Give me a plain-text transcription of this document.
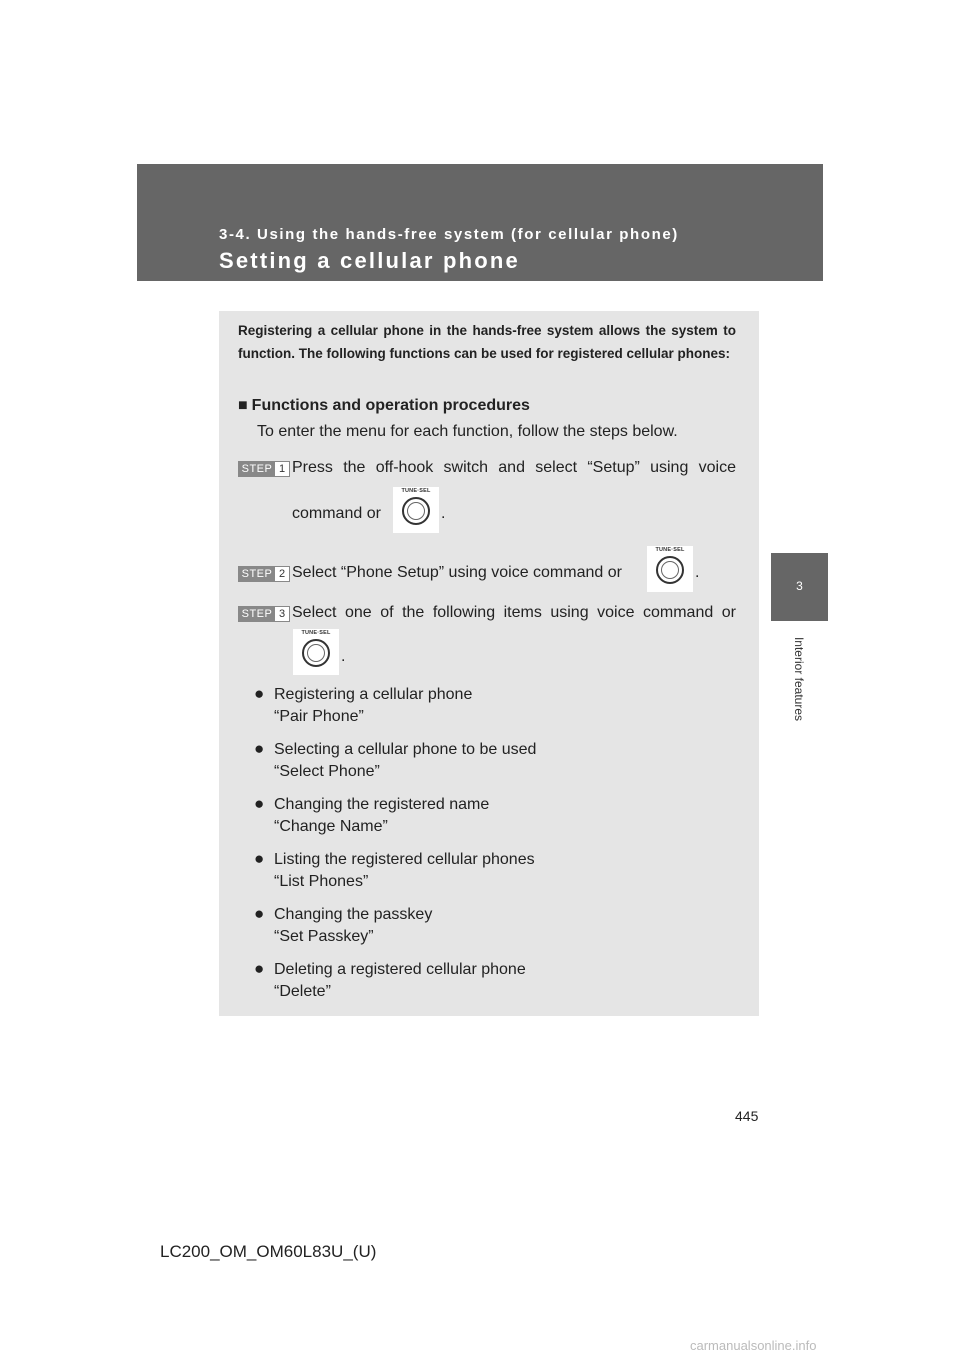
3-4. Using the hands-free system (for cellular phone)
Setting a cellular phone
3
Interior features
Registering a cellular phone in the hands-free system allows the system to function. The following functions can be used for registered cellular phones:
■ Functions and operation procedures
To enter the menu for each function, follow the steps below.
STEP 1 Press the off-hook switch and select “Setup” using voice
command or
TUNE·SEL
.
STEP 2 Select “Phone Setup” using voice command or
TUNE·SEL
.
STEP 3 Select one of the following items using voice command or
TUNE·SEL
.
● Registering a cellular phone
“Pair Phone”
● Selecting a cellular phone to be used
“Select Phone”
● Changing the registered name
“Change Name”
● Listing the registered cellular phones
“List Phones”
● Changing the passkey
“Set Passkey”
● Deleting a registered cellular phone
“Delete”
445
LC200_OM_OM60L83U_(U)
carmanualsonline.info
